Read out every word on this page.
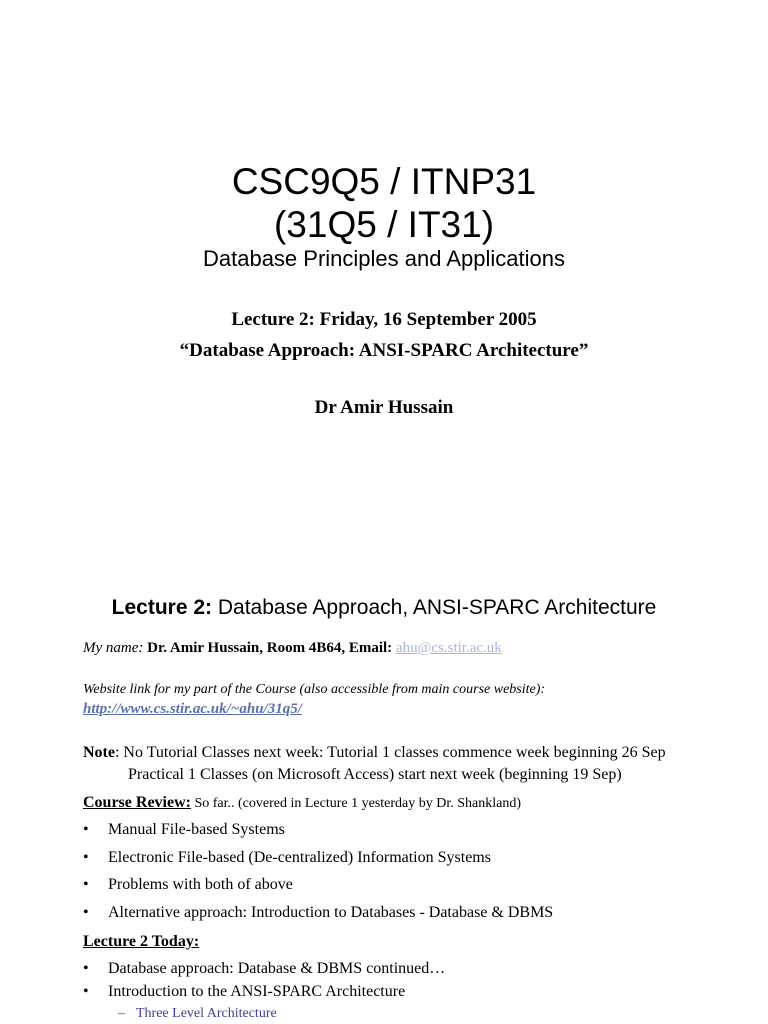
CSC9Q5 / ITNP31
(31Q5 / IT31)
Database Principles and Applications
Lecture 2: Friday, 16 September 2005
“Database Approach: ANSI-SPARC Architecture”
Dr Amir Hussain
Lecture 2: Database Approach, ANSI-SPARC Architecture
My name: Dr. Amir Hussain, Room 4B64, Email: ahu@cs.stir.ac.uk
Website link for my part of the Course (also accessible from main course website):
http://www.cs.stir.ac.uk/~ahu/31q5/
Note: No Tutorial Classes next week: Tutorial 1 classes commence week beginning 26 Sep
Practical 1 Classes (on Microsoft Access) start next week (beginning 19 Sep)
Course Review: So far.. (covered in Lecture 1 yesterday by Dr. Shankland)
• Manual File-based Systems
• Electronic File-based (De-centralized) Information Systems
• Problems with both of above
• Alternative approach: Introduction to Databases - Database & DBMS
Lecture 2 Today:
• Database approach: Database & DBMS continued…
• Introduction to the ANSI-SPARC Architecture
– Three Level Architecture
